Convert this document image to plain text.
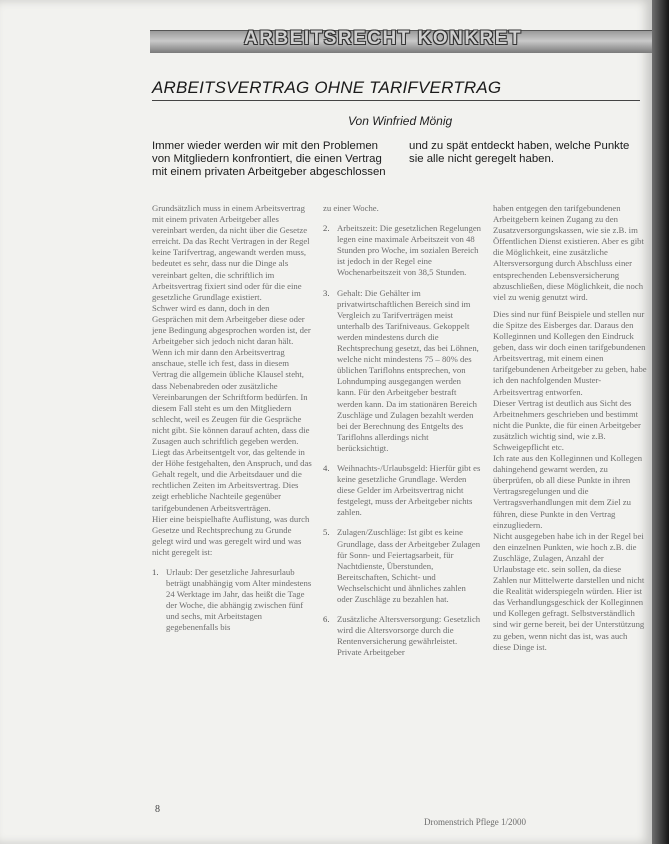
ARBEITSRECHT KONKRET
ARBEITSVERTRAG OHNE TARIFVERTRAG
Von Winfried Mönig
Immer wieder werden wir mit den Problemen von Mitgliedern konfrontiert, die einen Vertrag mit einem privaten Arbeitgeber abgeschlossen
und zu spät entdeckt haben, welche Punkte sie alle nicht geregelt haben.

Grundsätzlich muss in einem Arbeitsvertrag mit einem privaten Arbeitgeber alles vereinbart werden, da nicht über die Gesetze erreicht. Da das Recht Vertragen in der Regel keine Tarifvertrag, angewandt werden muss, bedeutet es sehr, dass nur die Dinge als vereinbart gelten, die schriftlich im Arbeitsvertrag fixiert sind oder für die eine gesetzliche Grundlage existiert.

Schwer wird es dann, doch in den Gesprächen mit dem Arbeitgeber diese oder jene Bedingung abgesprochen worden ist, der Arbeitgeber sich jedoch nicht daran hält. Wenn ich mir dann den Arbeitsvertrag anschaue, stelle ich fest, dass in diesem Vertrag die allgemein übliche Klausel steht, dass Nebenabreden oder zusätzliche Vereinbarungen der Schriftform bedürfen. In diesem Fall steht es um den Mitgliedern schlecht, weil es Zeugen für die Gespräche nicht gibt. Sie können darauf achten, dass die Zusagen auch schriftlich gegeben werden. Liegt das Arbeitsentgelt vor, das geltende in der Höhe festgehalten, den Anspruch, und das Gehalt regelt, und die Arbeitsdauer und die rechtlichen Zeiten im Arbeitsvertrag. Dies zeigt erhebliche Nachteile gegenüber tarifgebundenen Arbeitsverträgen.

Hier eine beispielhafte Auflistung, was durch Gesetze und Rechtsprechung zu Grunde gelegt wird und was geregelt wird und was nicht geregelt ist:

1. Urlaub: Der gesetzliche Jahresurlaub beträgt unabhängig vom Alter mindestens 24 Werktage im Jahr, das heißt die Tage der Woche, die abhängig zwischen fünf und sechs, mit Arbeitstagen gegebenenfalls bis

zu einer Woche.

2. Arbeitszeit: Die gesetzlichen Regelungen legen eine maximale Arbeitszeit von 48 Stunden pro Woche, im sozialen Bereich ist jedoch in der Regel eine Wochenarbeitszeit von 38,5 Stunden.

3. Gehalt: Die Gehälter im privatwirtschaftlichen Bereich sind im Vergleich zu Tarifverträgen meist unterhalb des Tarifniveaus. Gekoppelt werden mindestens durch die Rechtsprechung gesetzt, das bei Löhnen, welche nicht mindestens 75 – 80% des üblichen Tariflohns entsprechen, von Lohndumping ausgegangen werden kann. Für den Arbeitgeber bestraft werden kann. Da im stationären Bereich Zuschläge und Zulagen bezahlt werden bei der Berechnung des Entgelts des Tariflohns allerdings nicht berücksichtigt.

4. Weihnachts-/Urlaubsgeld: Hierfür gibt es keine gesetzliche Grundlage. Werden diese Gelder im Arbeitsvertrag nicht festgelegt, muss der Arbeitgeber nichts zahlen.

5. Zulagen/Zuschläge: Ist gibt es keine Grundlage, dass der Arbeitgeber Zulagen für Sonn- und Feiertagsarbeit, für Nachtdienste, Überstunden, Bereitschaften, Schicht- und Wechselschicht und ähnliches zahlen oder Zuschläge zu bezahlen hat.

6. Zusätzliche Altersversorgung: Gesetzlich wird die Altersvorsorge durch die Rentenversicherung gewährleistet. Private Arbeitgeber

haben entgegen den tarifgebundenen Arbeitgebern keinen Zugang zu den Zusatzversorgungskassen, wie sie z.B. im Öffentlichen Dienst existieren. Aber es gibt die Möglichkeit, eine zusätzliche Altersversorgung durch Abschluss einer entsprechenden Lebensversicherung abzuschließen, diese Möglichkeit, die noch viel zu wenig genutzt wird.

Dies sind nur fünf Beispiele und stellen nur die Spitze des Eisberges dar. Daraus den Kolleginnen und Kollegen den Eindruck geben, dass wir doch einen tarifgebundenen Arbeitsvertrag, mit einem einen tarifgebundenen Arbeitgeber zu geben, habe ich den nachfolgenden Muster-Arbeitsvertrag entworfen.

Dieser Vertrag ist deutlich aus Sicht des Arbeitnehmers geschrieben und bestimmt nicht die Punkte, die für einen Arbeitgeber zusätzlich wichtig sind, wie z.B. Schweigepflicht etc.

Ich rate aus den Kolleginnen und Kollegen dahingehend gewarnt werden, zu überprüfen, ob all diese Punkte in ihren Vertragsregelungen und die Vertragsverhandlungen mit dem Ziel zu führen, diese Punkte in den Vertrag einzugliedern.

Nicht ausgegeben habe ich in der Regel bei den einzelnen Punkten, wie hoch z.B. die Zuschläge, Zulagen, Anzahl der Urlaubstage etc. sein sollen, da diese Zahlen nur Mittelwerte darstellen und nicht die Realität widerspiegeln würden. Hier ist das Verhandlungsgeschick der Kolleginnen und Kollegen gefragt. Selbstverständlich sind wir gerne bereit, bei der Unterstützung zu geben, wenn nicht das ist, was auch diese Dinge ist.

8
Dromenstrich Pflege 1/2000
